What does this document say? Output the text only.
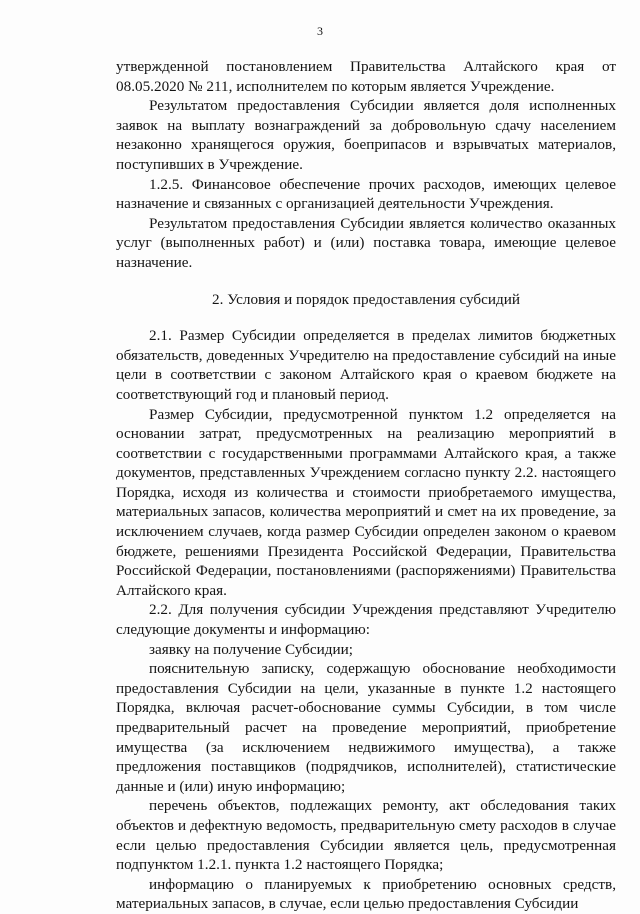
3

утвержденной постановлением Правительства Алтайского края от 08.05.2020 № 211, исполнителем по которым является Учреждение.

Результатом предоставления Субсидии является доля исполненных заявок на выплату вознаграждений за добровольную сдачу населением незаконно хранящегося оружия, боеприпасов и взрывчатых материалов, поступивших в Учреждение.

1.2.5. Финансовое обеспечение прочих расходов, имеющих целевое назначение и связанных с организацией деятельности Учреждения.

Результатом предоставления Субсидии является количество оказанных услуг (выполненных работ) и (или) поставка товара, имеющие целевое назначение.

2. Условия и порядок предоставления субсидий

2.1. Размер Субсидии определяется в пределах лимитов бюджетных обязательств, доведенных Учредителю на предоставление субсидий на иные цели в соответствии с законом Алтайского края о краевом бюджете на соответствующий год и плановый период.

Размер Субсидии, предусмотренной пунктом 1.2 определяется на основании затрат, предусмотренных на реализацию мероприятий в соответствии с государственными программами Алтайского края, а также документов, представленных Учреждением согласно пункту 2.2. настоящего Порядка, исходя из количества и стоимости приобретаемого имущества, материальных запасов, количества мероприятий и смет на их проведение, за исключением случаев, когда размер Субсидии определен законом о краевом бюджете, решениями Президента Российской Федерации, Правительства Российской Федерации, постановлениями (распоряжениями) Правительства Алтайского края.

2.2. Для получения субсидии Учреждения представляют Учредителю следующие документы и информацию:

заявку на получение Субсидии;

пояснительную записку, содержащую обоснование необходимости предоставления Субсидии на цели, указанные в пункте 1.2 настоящего Порядка, включая расчет-обоснование суммы Субсидии, в том числе предварительный расчет на проведение мероприятий, приобретение имущества (за исключением недвижимого имущества), а также предложения поставщиков (подрядчиков, исполнителей), статистические данные и (или) иную информацию;

перечень объектов, подлежащих ремонту, акт обследования таких объектов и дефектную ведомость, предварительную смету расходов в случае если целью предоставления Субсидии является цель, предусмотренная подпунктом 1.2.1. пункта 1.2 настоящего Порядка;

информацию о планируемых к приобретению основных средств, материальных запасов, в случае, если целью предоставления Субсидии
